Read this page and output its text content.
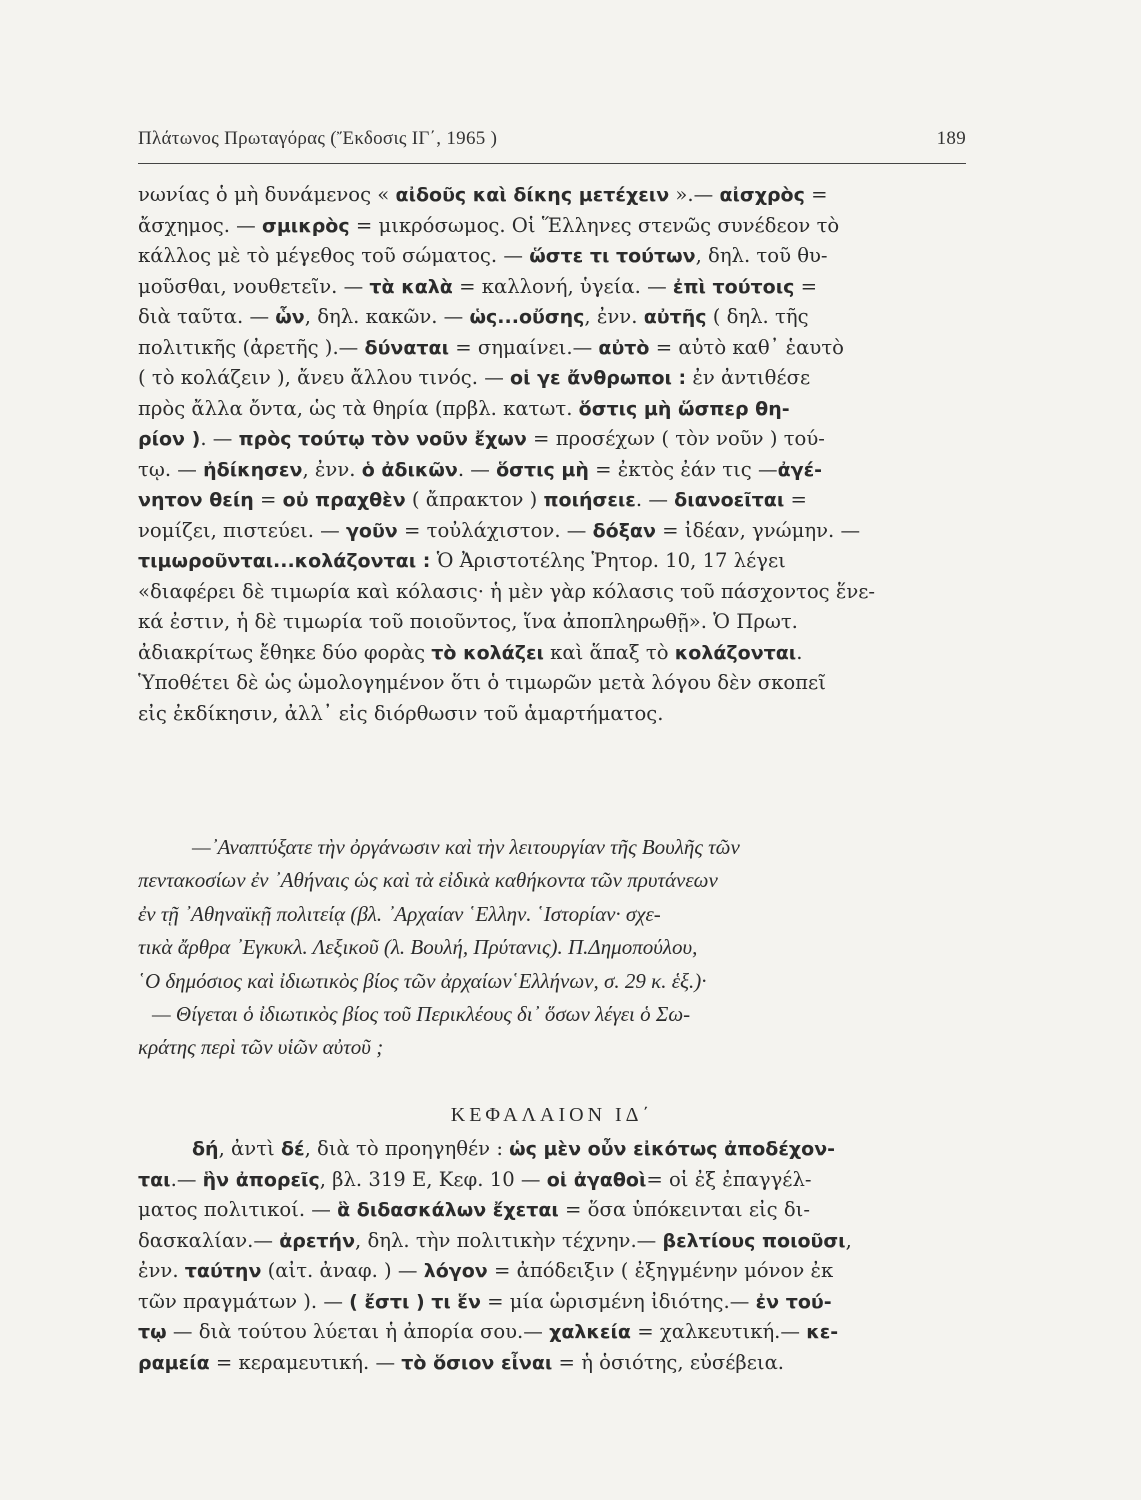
Πλάτωνος Πρωταγόρας (Ἔκδοσις ΙΓ΄, 1965 )	189
νωνίας ὁ μὴ δυνάμενος « αἰδοῦς καὶ δίκης μετέχειν ».— αἰσχρὸς =
ἄσχημος. — σμικρὸς = μικρόσωμος. Οἱ Ἕλληνες στενῶς συνέδεον τὸ
κάλλος μὲ τὸ μέγεθος τοῦ σώματος. — ὥστε τι τούτων, δηλ. τοῦ θυ-
μοῦσθαι, νουθετεῖν. — τὰ καλὰ = καλλονή, ὑγεία. — ἐπὶ τούτοις =
διὰ ταῦτα. — ὧν, δηλ. κακῶν. — ὡς...οὔσης, ἐνν. αὐτῆς ( δηλ. τῆς
πολιτικῆς (ἀρετῆς ).— δύναται = σημαίνει.— αὐτὸ = αὐτὸ καθ᾽ ἑαυτὸ
( τὸ κολάζειν ), ἄνευ ἄλλου τινός. — οἱ γε ἄνθρωποι : ἐν ἀντιθέσε
πρὸς ἄλλα ὄντα, ὡς τὰ θηρία (πρβλ. κατωτ. ὅστις μὴ ὥσπερ θη-
ρίον ). — πρὸς τούτῳ τὸν νοῦν ἔχων = προσέχων ( τὸν νοῦν ) τού-
τῳ. — ἠδίκησεν, ἐνν. ὁ ἀδικῶν. — ὅστις μὴ = ἐκτὸς ἐάν τις —ἀγέ-
νητον θείη = οὐ πραχθὲν ( ἄπρακτον ) ποιήσειε. — διανοεῖται =
νομίζει, πιστεύει. — γοῦν = τοὐλάχιστον. — δόξαν = ἰδέαν, γνώμην. —
τιμωροῦνται...κολάζονται : Ὁ Ἀριστοτέλης Ῥητορ. 10, 17 λέγει
«διαφέρει δὲ τιμωρία καὶ κόλασις· ἡ μὲν γὰρ κόλασις τοῦ πάσχοντος ἕνε-
κά ἐστιν, ἡ δὲ τιμωρία τοῦ ποιοῦντος, ἵνα ἀποπληρωθῇ». Ὁ Πρωτ.
ἀδιακρίτως ἔθηκε δύο φορὰς τὸ κολάζει καὶ ἅπαξ τὸ κολάζονται.
Ὑποθέτει δὲ ὡς ὡμολογημένον ὅτι ὁ τιμωρῶν μετὰ λόγου δὲν σκοπεῖ
εἰς ἐκδίκησιν, ἀλλ᾽ εἰς διόρθωσιν τοῦ ἁμαρτήματος.
—᾽Αναπτύξατε τὴν ὀργάνωσιν καὶ τὴν λειτουργίαν τῆς Βουλῆς τῶν
πεντακοσίων ἐν ᾽Αθήναις ὡς καὶ τὰ εἰδικὰ καθήκοντα τῶν πρυτάνεων
ἐν τῇ ᾽Αθηναϊκῇ πολιτείᾳ (βλ. ᾽Αρχαίαν ῾Ελλην. ῾Ιστορίαν· σχε-
τικὰ ἄρθρα ᾽Εγκυκλ. Λεξικοῦ (λ. Βουλή, Πρύτανις). Π.Δημοπούλου,
῾Ο δημόσιος καὶ ἰδιωτικὸς βίος τῶν ἀρχαίων῾Ελλήνων, σ. 29 κ. ἑξ.)·
— Θίγεται ὁ ἰδιωτικὸς βίος τοῦ Περικλέους δι᾽ ὅσων λέγει ὁ Σω-
κράτης περὶ τῶν υἱῶν αὐτοῦ ;
ΚΕΦΑΛΑΙΟΝ ΙΔ΄
δή, ἀντὶ δέ, διὰ τὸ προηγηθέν : ὡς μὲν οὖν εἰκότως ἀποδέχον-
ται.— ἣν ἀπορεῖς, βλ. 319 Ε, Κεφ. 10 — οἱ ἀγαθοὶ= οἱ ἐξ ἐπαγγέλ-
ματος πολιτικοί. — ἃ διδασκάλων ἔχεται = ὅσα ὑπόκεινται εἰς δι-
δασκαλίαν.— ἀρετήν, δηλ. τὴν πολιτικὴν τέχνην.— βελτίους ποιοῦσι,
ἐνν. ταύτην (αἰτ. ἀναφ. ) — λόγον = ἀπόδειξιν ( ἐξηγμένην μόνον ἐκ
τῶν πραγμάτων ). — ( ἔστι ) τι ἕν = μία ὡρισμένη ἰδιότης.— ἐν τού-
τῳ — διὰ τούτου λύεται ἡ ἀπορία σου.— χαλκεία = χαλκευτική.— κε-
ραμεία = κεραμευτική. — τὸ ὅσιον εἶναι = ἡ ὁσιότης, εὐσέβεια.
